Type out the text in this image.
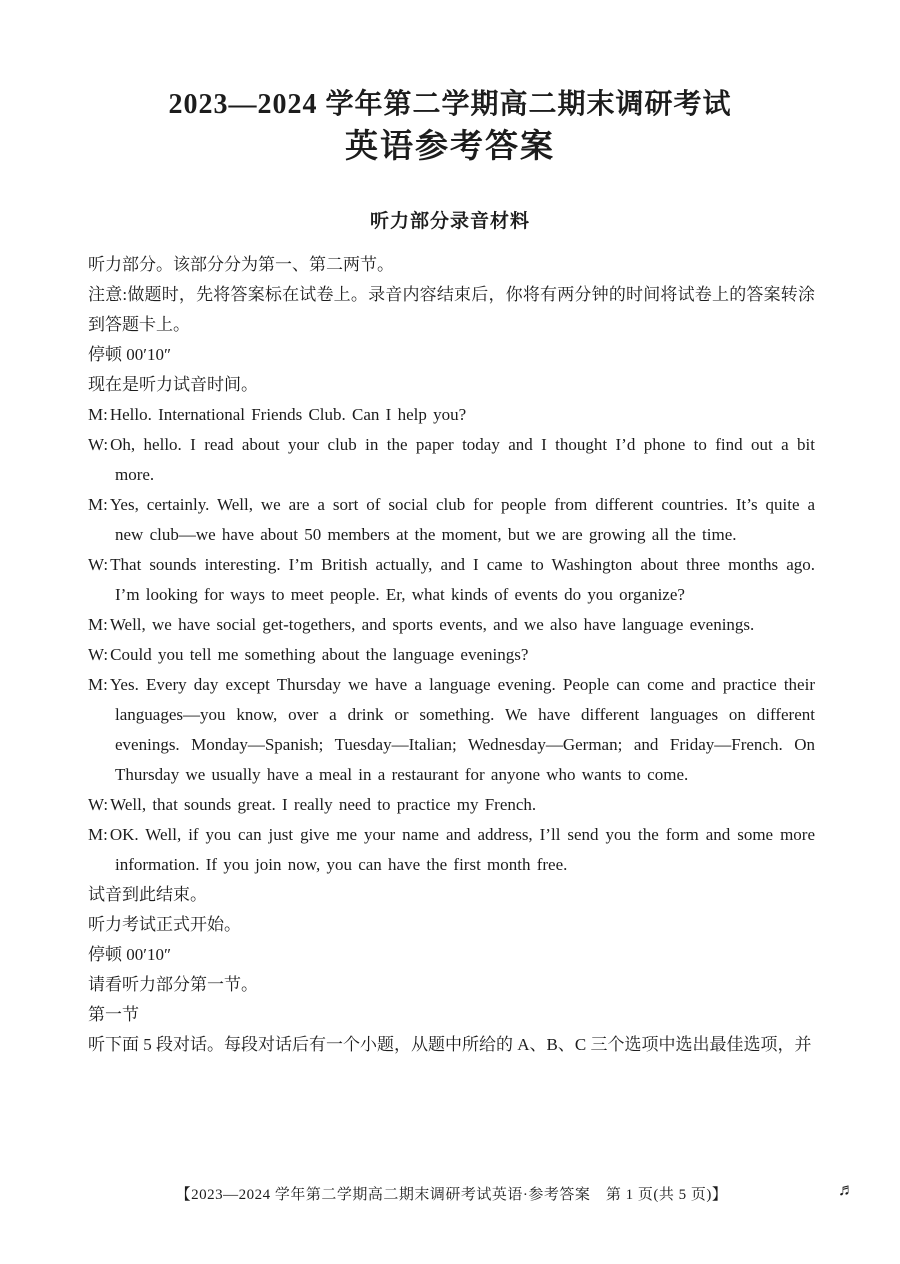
2023—2024 学年第二学期高二期末调研考试
英语参考答案
听力部分录音材料
听力部分。该部分分为第一、第二两节。
注意:做题时，先将答案标在试卷上。录音内容结束后，你将有两分钟的时间将试卷上的答案转涂到答题卡上。
停顿 00′10″
现在是听力试音时间。
M: Hello. International Friends Club. Can I help you?
W: Oh, hello. I read about your club in the paper today and I thought I’d phone to find out a bit more.
M: Yes, certainly. Well, we are a sort of social club for people from different countries. It’s quite a new club—we have about 50 members at the moment, but we are growing all the time.
W: That sounds interesting. I’m British actually, and I came to Washington about three months ago. I’m looking for ways to meet people. Er, what kinds of events do you organize?
M: Well, we have social get-togethers, and sports events, and we also have language evenings.
W: Could you tell me something about the language evenings?
M: Yes. Every day except Thursday we have a language evening. People can come and practice their languages—you know, over a drink or something. We have different languages on different evenings. Monday—Spanish; Tuesday—Italian; Wednesday—German; and Friday—French. On Thursday we usually have a meal in a restaurant for anyone who wants to come.
W: Well, that sounds great. I really need to practice my French.
M: OK. Well, if you can just give me your name and address, I’ll send you the form and some more information. If you join now, you can have the first month free.
试音到此结束。
听力考试正式开始。
停顿 00′10″
请看听力部分第一节。
第一节
听下面 5 段对话。每段对话后有一个小题，从题中所给的 A、B、C 三个选项中选出最佳选项，并
【2023—2024 学年第二学期高二期末调研考试英语·参考答案　第 1 页(共 5 页)】	♬
